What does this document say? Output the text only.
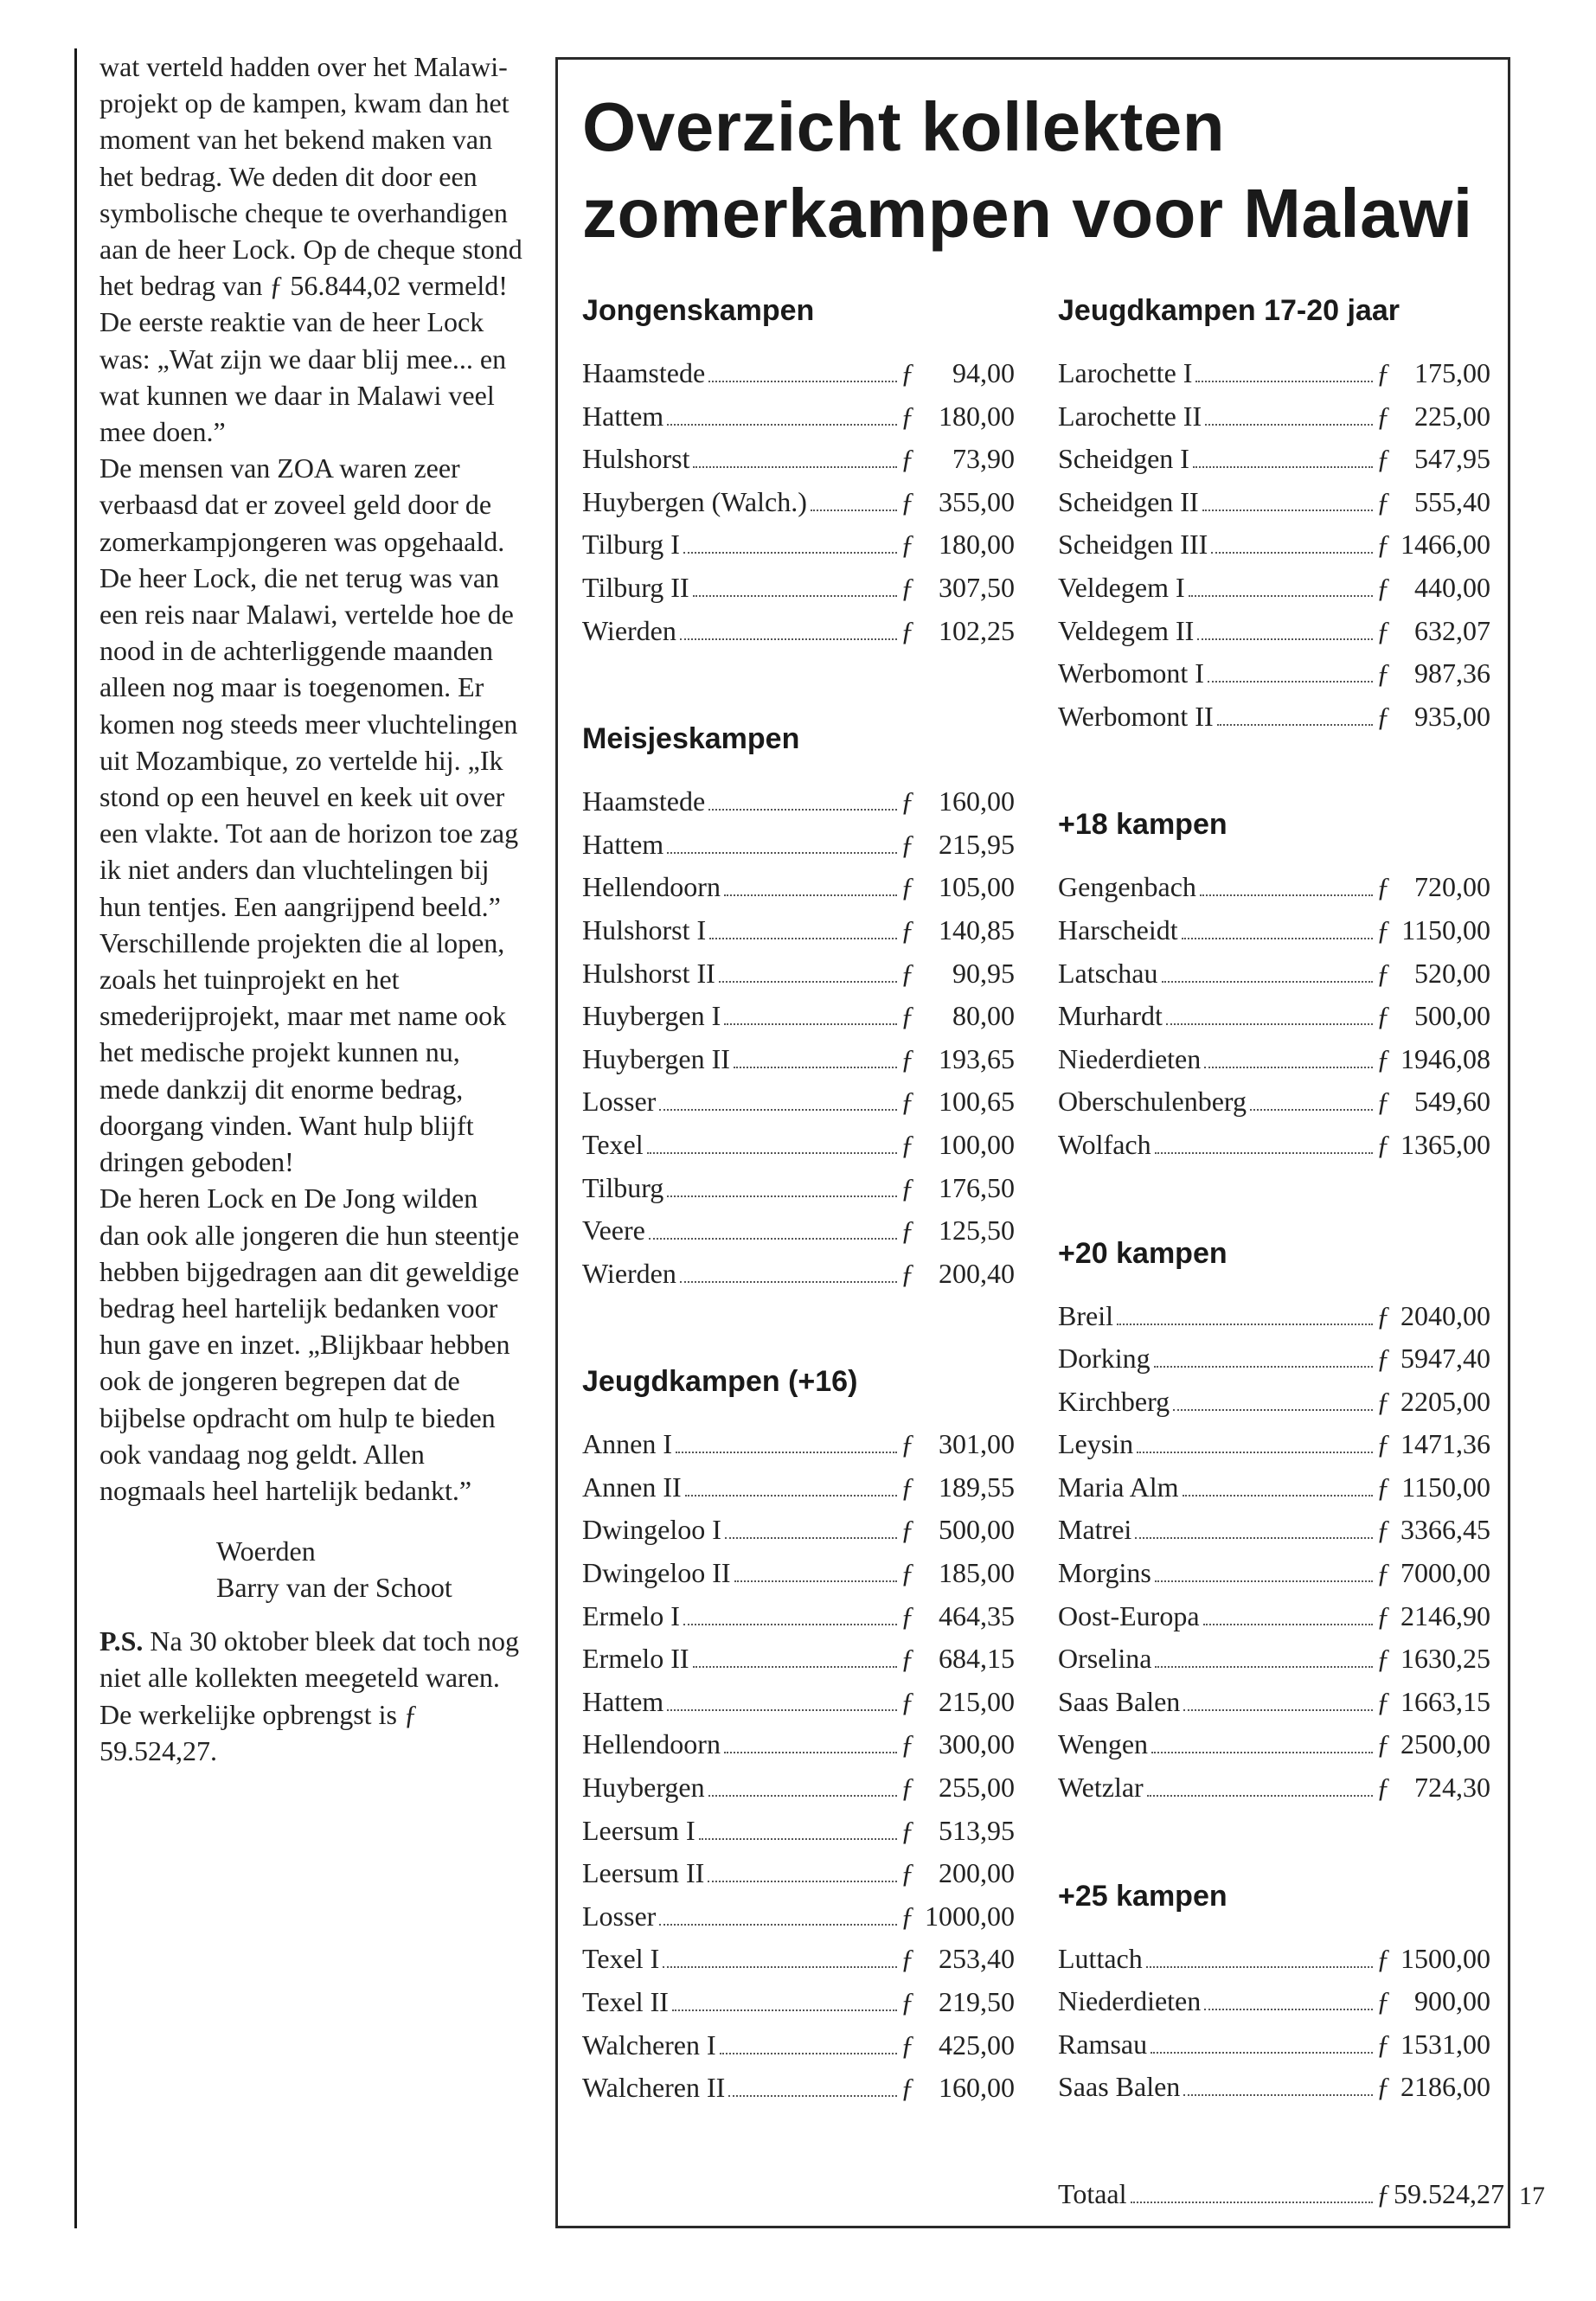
wat verteld hadden over het Malawi-projekt op de kampen, kwam dan het moment van het bekend maken van het bedrag. We deden dit door een symbolische cheque te overhandigen aan de heer Lock. Op de cheque stond het bedrag van ƒ 56.844,02 vermeld! De eerste reaktie van de heer Lock was: „Wat zijn we daar blij mee... en wat kunnen we daar in Malawi veel mee doen.”

De mensen van ZOA waren zeer verbaasd dat er zoveel geld door de zomerkampjongeren was opgehaald. De heer Lock, die net terug was van een reis naar Malawi, vertelde hoe de nood in de achterliggende maanden alleen nog maar is toegenomen. Er komen nog steeds meer vluchtelingen uit Mozambique, zo vertelde hij. „Ik stond op een heuvel en keek uit over een vlakte. Tot aan de horizon toe zag ik niet anders dan vluchtelingen bij hun tentjes. Een aangrijpend beeld.” Verschillende projekten die al lopen, zoals het tuinprojekt en het smederijprojekt, maar met name ook het medische projekt kunnen nu, mede dankzij dit enorme bedrag, doorgang vinden. Want hulp blijft dringen geboden!

De heren Lock en De Jong wilden dan ook alle jongeren die hun steentje hebben bijgedragen aan dit geweldige bedrag heel hartelijk bedanken voor hun gave en inzet. „Blijkbaar hebben ook de jongeren begrepen dat de bijbelse opdracht om hulp te bieden ook vandaag nog geldt. Allen nogmaals heel hartelijk bedankt.”

Woerden
Barry van der Schoot

P.S. Na 30 oktober bleek dat toch nog niet alle kollekten meegeteld waren. De werkelijke opbrengst is ƒ 59.524,27.

Overzicht kollekten zomerkampen voor Malawi
Jongenskampen
Haamstede	ƒ	94,00
Hattem	ƒ 180,00
Hulshorst	ƒ	73,90
Huybergen (Walch.)	ƒ 355,00
Tilburg I	ƒ 180,00
Tilburg II	ƒ 307,50
Wierden	ƒ 102,25
Meisjeskampen
Haamstede	ƒ 160,00
Hattem	ƒ 215,95
Hellendoorn	ƒ 105,00
Hulshorst I	ƒ 140,85
Hulshorst II	ƒ	90,95
Huybergen I	ƒ	80,00
Huybergen II	ƒ 193,65
Losser	ƒ 100,65
Texel	ƒ 100,00
Tilburg	ƒ 176,50
Veere	ƒ 125,50
Wierden	ƒ 200,40
Jeugdkampen (+16)
Annen I	ƒ 301,00
Annen II	ƒ 189,55
Dwingeloo I	ƒ 500,00
Dwingeloo II	ƒ 185,00
Ermelo I	ƒ 464,35
Ermelo II	ƒ 684,15
Hattem	ƒ 215,00
Hellendoorn	ƒ 300,00
Huybergen	ƒ 255,00
Leersum I	ƒ 513,95
Leersum II	ƒ 200,00
Losser	ƒ 1000,00
Texel I	ƒ 253,40
Texel II	ƒ 219,50
Walcheren I	ƒ 425,00
Walcheren II	ƒ 160,00
Jeugdkampen 17-20 jaar
Larochette I	ƒ 175,00
Larochette II	ƒ 225,00
Scheidgen I	ƒ 547,95
Scheidgen II	ƒ 555,40
Scheidgen III	ƒ 1466,00
Veldegem I	ƒ 440,00
Veldegem II	ƒ 632,07
Werbomont I	ƒ 987,36
Werbomont II	ƒ 935,00
+18 kampen
Gengenbach	ƒ 720,00
Harscheidt	ƒ 1150,00
Latschau	ƒ 520,00
Murhardt	ƒ 500,00
Niederdieten	ƒ 1946,08
Oberschulenberg	ƒ 549,60
Wolfach	ƒ 1365,00
+20 kampen
Breil	ƒ 2040,00
Dorking	ƒ 5947,40
Kirchberg	ƒ 2205,00
Leysin	ƒ 1471,36
Maria Alm	ƒ 1150,00
Matrei	ƒ 3366,45
Morgins	ƒ 7000,00
Oost-Europa	ƒ 2146,90
Orselina	ƒ 1630,25
Saas Balen	ƒ 1663,15
Wengen	ƒ 2500,00
Wetzlar	ƒ 724,30
+25 kampen
Luttach	ƒ 1500,00
Niederdieten	ƒ 900,00
Ramsau	ƒ 1531,00
Saas Balen	ƒ 2186,00
Totaal	ƒ 59.524,27 17
